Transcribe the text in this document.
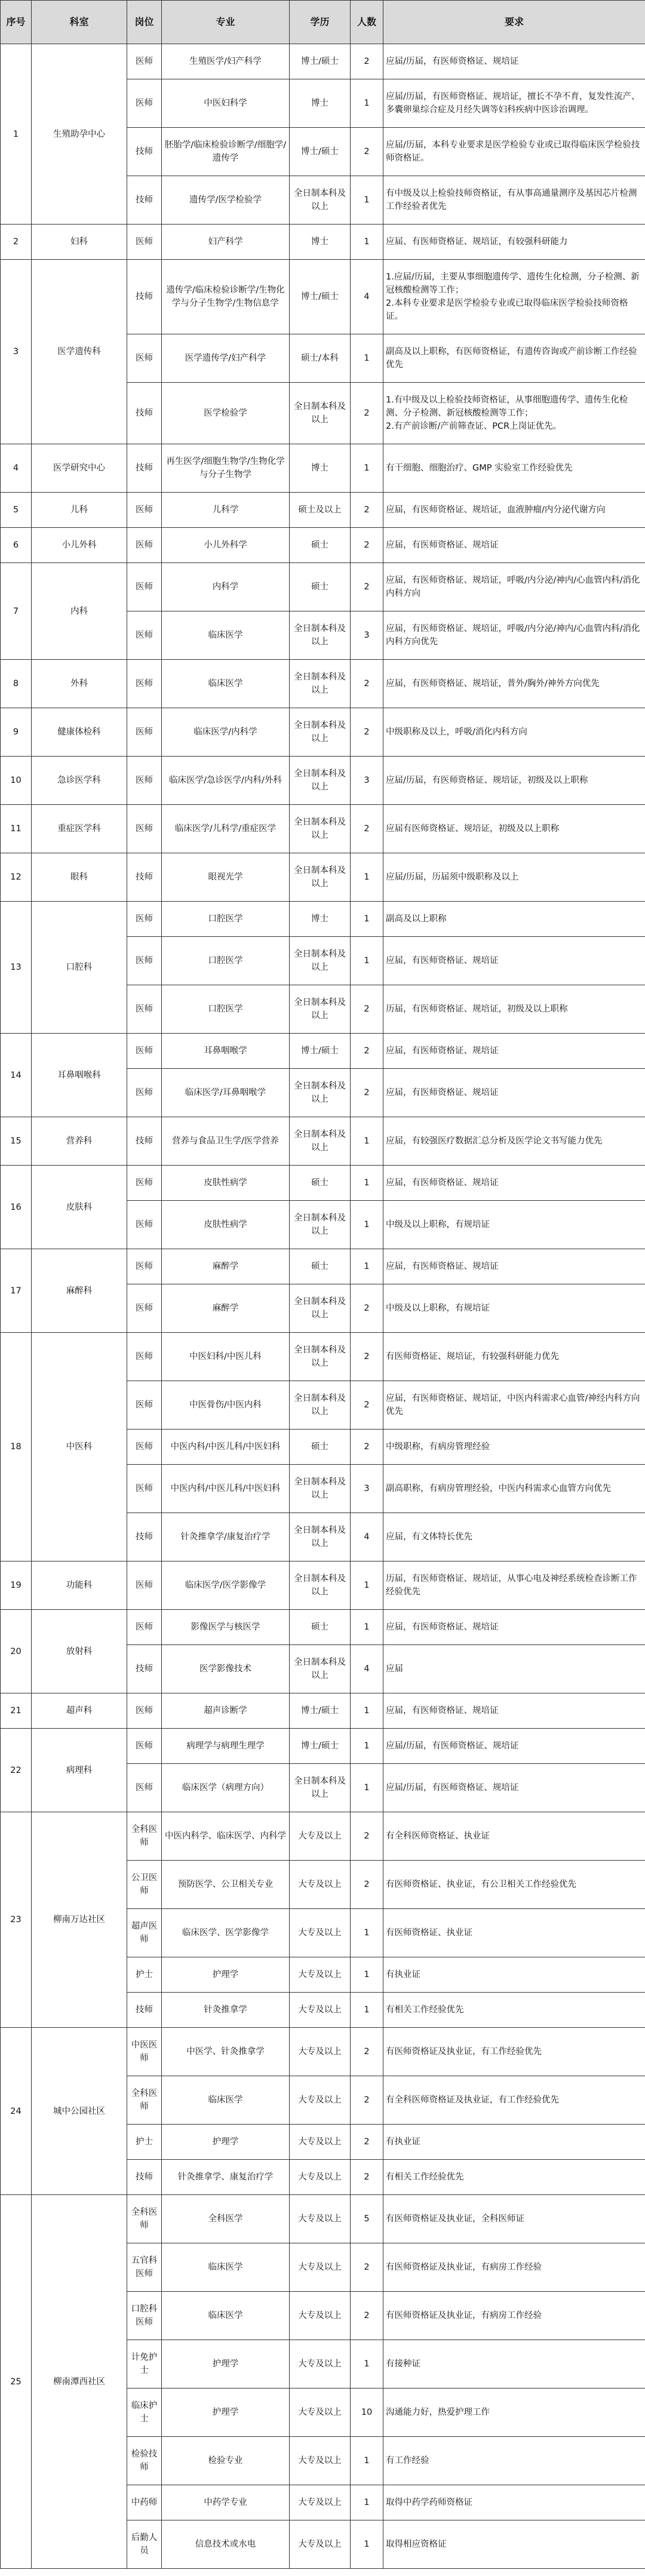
序号	科室	岗位	专业	学历	人数	要求
1	生殖助孕中心	医师	生殖医学/妇产科学	博士/硕士	2	应届/历届，有医师资格证、规培证
		医师	中医妇科学	博士	1	应届/历届，有医师资格证、规培证，擅长不孕不育，复发性流产、多囊卵巢综合症及月经失调等妇科疾病中医诊治调理。
		技师	胚胎学/临床检验诊断学/细胞学/遗传学	博士/硕士	2	应届/历届，本科专业要求是医学检验专业或已取得临床医学检验技师资格证。
		技师	遗传学/医学检验学	全日制本科及以上	1	有中级及以上检验技师资格证，有从事高通量测序及基因芯片检测工作经验者优先
2	妇科	医师	妇产科学	博士	1	应届、有医师资格证、规培证，有较强科研能力
3	医学遗传科	技师	遗传学/临床检验诊断学/生物化学与分子生物学/生物信息学	博士/硕士	4	1.应届/历届，主要从事细胞遗传学、遗传生化检测，分子检测、新冠核酸检测等工作；
2.本科专业要求是医学检验专业或已取得临床医学检验技师资格证。
		医师	医学遗传学/妇产科学	硕士/本科	1	副高及以上职称，有医师资格证，有遗传咨询或产前诊断工作经验优先
		技师	医学检验学	全日制本科及以上	2	1.有中级及以上检验技师资格证，从事细胞遗传学、遗传生化检测、分子检测、新冠核酸检测等工作；
2.有产前诊断/产前筛查证、PCR上岗证优先。
4	医学研究中心	技师	再生医学/细胞生物学/生物化学与分子生物学	博士	1	有干细胞、细胞治疗、GMP 实验室工作经验优先
5	儿科	医师	儿科学	硕士及以上	2	应届，有医师资格证、规培证，血液肿瘤/内分泌代谢方向
6	小儿外科	医师	小儿外科学	硕士	2	应届，有医师资格证、规培证
7	内科	医师	内科学	硕士	2	应届，有医师资格证、规培证，呼吸/内分泌/神内/心血管内科/消化内科方向
		医师	临床医学	全日制本科及以上	3	应届，有医师资格证、规培证，呼吸/内分泌/神内/心血管内科/消化内科方向优先
8	外科	医师	临床医学	全日制本科及以上	2	应届，有医师资格证、规培证，普外/胸外/神外方向优先
9	健康体检科	医师	临床医学/内科学	全日制本科及以上	2	中级职称及以上，呼吸/消化内科方向
10	急诊医学科	医师	临床医学/急诊医学/内科/外科	全日制本科及以上	3	应届/历届，有医师资格证、规培证，初级及以上职称
11	重症医学科	医师	临床医学/儿科学/重症医学	全日制本科及以上	2	应届有医师资格证、规培证，初级及以上职称
12	眼科	技师	眼视光学	全日制本科及以上	1	应届/历届，历届须中级职称及以上
13	口腔科	医师	口腔医学	博士	1	副高及以上职称
		医师	口腔医学	全日制本科及以上	1	应届，有医师资格证、规培证
		医师	口腔医学	全日制本科及以上	2	历届，有医师资格证、规培证，初级及以上职称
14	耳鼻咽喉科	医师	耳鼻咽喉学	博士/硕士	2	应届，有医师资格证、规培证
		医师	临床医学/耳鼻咽喉学	全日制本科及以上	2	应届，有医师资格证、规培证
15	营养科	技师	营养与食品卫生学/医学营养	全日制本科及以上	1	应届，有较强医疗数据汇总分析及医学论文书写能力优先
16	皮肤科	医师	皮肤性病学	硕士	1	应届，有医师资格证、规培证
		医师	皮肤性病学	全日制本科及以上	1	中级及以上职称，有规培证
17	麻醉科	医师	麻醉学	硕士	1	应届，有医师资格证、规培证
		医师	麻醉学	全日制本科及以上	2	中级及以上职称，有规培证
18	中医科	医师	中医妇科/中医儿科	全日制本科及以上	2	有医师资格证、规培证，有较强科研能力优先
		医师	中医骨伤/中医内科	全日制本科及以上	2	应届，有医师资格证、规培证，中医内科需求心血管/神经内科方向优先
		医师	中医内科/中医儿科/中医妇科	硕士	2	中级职称，有病房管理经验
		医师	中医内科/中医儿科/中医妇科	全日制本科及以上	3	副高职称，有病房管理经验，中医内科需求心血管方向优先
		技师	针灸推拿学/康复治疗学	全日制本科及以上	4	应届，有文体特长优先
19	功能科	医师	临床医学/医学影像学	全日制本科及以上	1	历届，有医师资格证、规培证，从事心电及神经系统检查诊断工作经验优先
20	放射科	医师	影像医学与核医学	硕士	1	应届，有医师资格证、规培证
		技师	医学影像技术	全日制本科及以上	4	应届
21	超声科	医师	超声诊断学	博士/硕士	1	应届，有医师资格证、规培证
22	病理科	医师	病理学与病理生理学	博士/硕士	1	应届/历届，有医师资格证、规培证
		医师	临床医学（病理方向）	全日制本科及以上	1	应届/历届，有医师资格证、规培证
23	柳南万达社区	全科医师	中医内科学、临床医学、内科学	大专及以上	2	有全科医师资格证、执业证
		公卫医师	预防医学、公卫相关专业	大专及以上	2	有医师资格证、执业证，有公卫相关工作经验优先
		超声医师	临床医学、医学影像学	大专及以上	1	有医师资格证、执业证
		护士	护理学	大专及以上	1	有执业证
		技师	针灸推拿学	大专及以上	1	有相关工作经验优先
24	城中公园社区	中医医师	中医学、针灸推拿学	大专及以上	2	有医师资格证及执业证，有工作经验优先
		全科医师	临床医学	大专及以上	2	有全科医师资格证及执业证，有工作经验优先
		护士	护理学	大专及以上	2	有执业证
		技师	针灸推拿学、康复治疗学	大专及以上	2	有相关工作经验优先
25	柳南潭西社区	全科医师	全科医学	大专及以上	5	有医师资格证及执业证，全科医师证
		五官科医师	临床医学	大专及以上	2	有医师资格证及执业证，有病房工作经验
		口腔科医师	临床医学	大专及以上	2	有医师资格证及执业证，有病房工作经验
		计免护士	护理学	大专及以上	1	有接种证
		临床护士	护理学	大专及以上	10	沟通能力好，热爱护理工作
		检验技师	检验专业	大专及以上	1	有工作经验
		中药师	中药学专业	大专及以上	1	取得中药学药师资格证
		后勤人员	信息技术或水电	大专及以上	1	取得相应资格证
